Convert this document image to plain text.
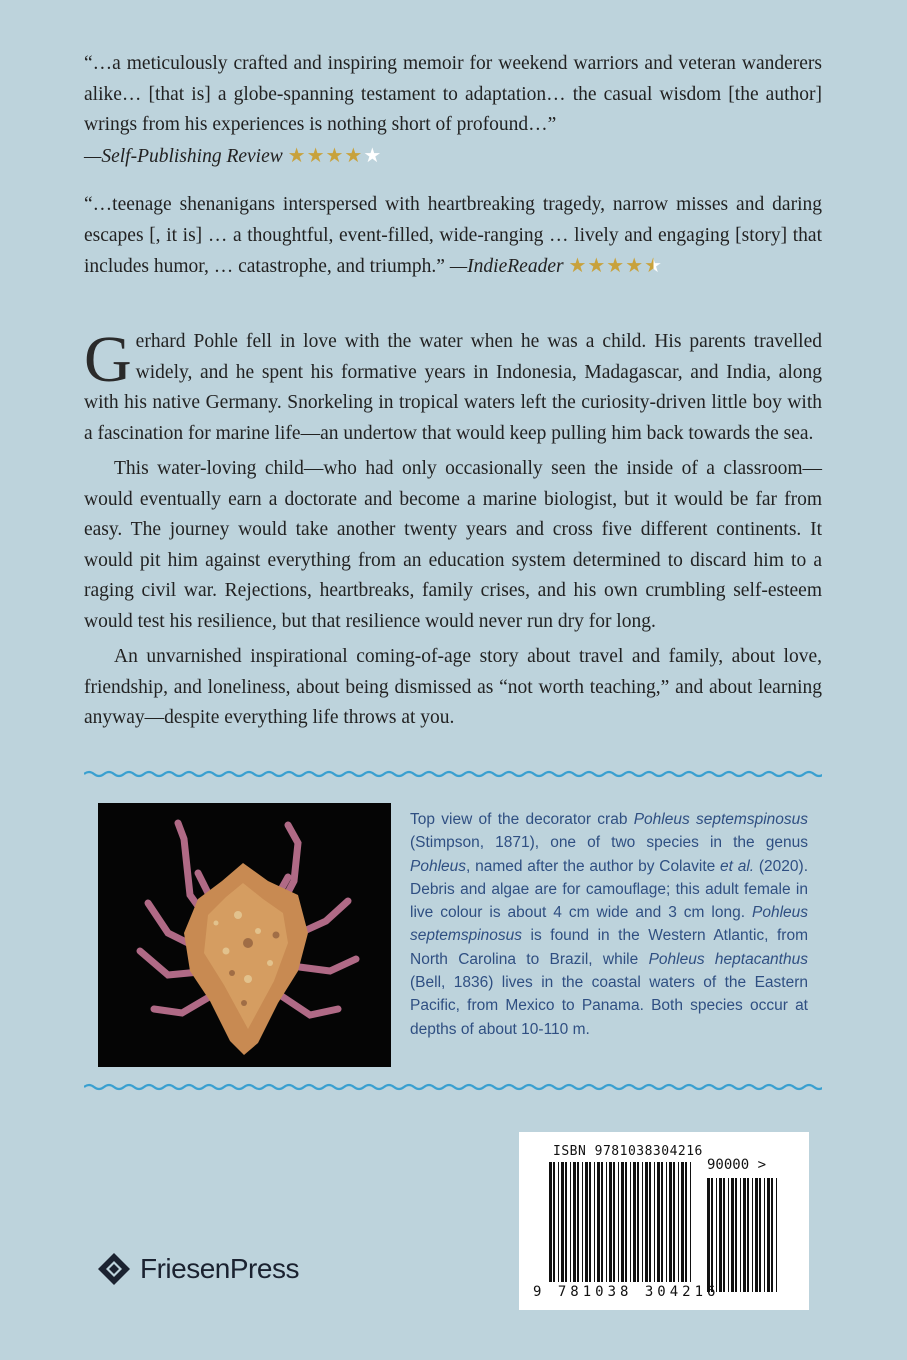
“…a meticulously crafted and inspiring memoir for weekend warriors and veteran wanderers alike… [that is] a globe-spanning testament to adaptation… the casual wisdom [the author] wrings from his experiences is nothing short of profound…”
—Self-Publishing Review ★★★★★
“…teenage shenanigans interspersed with heartbreaking tragedy, narrow misses and daring escapes [, it is] … a thoughtful, event-filled, wide-ranging … lively and engaging [story] that includes humor, … catastrophe, and triumph.” —IndieReader ★★★★★

Gerhard Pohle fell in love with the water when he was a child. His parents travelled widely, and he spent his formative years in Indonesia, Madagascar, and India, along with his native Germany. Snorkeling in tropical waters left the curiosity-driven little boy with a fascination for marine life—an undertow that would keep pulling him back towards the sea.

This water-loving child—who had only occasionally seen the inside of a classroom—would eventually earn a doctorate and become a marine biologist, but it would be far from easy. The journey would take another twenty years and cross five different continents. It would pit him against everything from an education system determined to discard him to a raging civil war. Rejections, heartbreaks, family crises, and his own crumbling self-esteem would test his resilience, but that resilience would never run dry for long.

An unvarnished inspirational coming-of-age story about travel and family, about love, friendship, and loneliness, about being dismissed as “not worth teaching,” and about learning anyway—despite everything life throws at you.

Top view of the decorator crab Pohleus septemspinosus (Stimpson, 1871), one of two species in the genus Pohleus, named after the author by Colavite et al. (2020). Debris and algae are for camouflage; this adult female in live colour is about 4 cm wide and 3 cm long. Pohleus septemspinosus is found in the Western Atlantic, from North Carolina to Brazil, while Pohleus heptacanthus (Bell, 1836) lives in the coastal waters of the Eastern Pacific, from Mexico to Panama. Both species occur at depths of about 10-110 m.
FriesenPress
ISBN 9781038304216
90000 >
9 781038 304216
